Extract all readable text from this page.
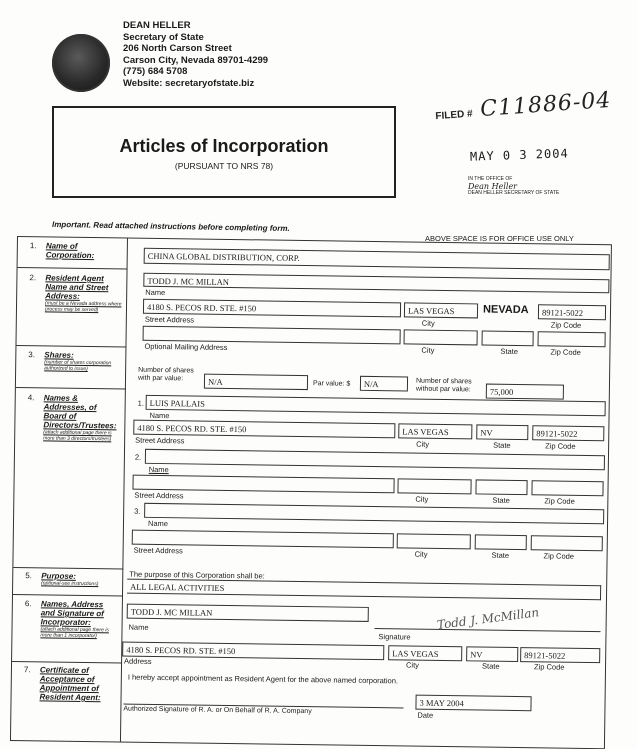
DEAN HELLER
Secretary of State
206 North Carson Street
Carson City, Nevada 89701-4299
(775) 684 5708
Website: secretaryofstate.biz
Articles of Incorporation
(PURSUANT TO NRS 78)
FILED # C11886-04
MAY 0 3 2004
IN THE OFFICE OF
Dean Heller
DEAN HELLER SECRETARY OF STATE
Important. Read attached instructions before completing form.
ABOVE SPACE IS FOR OFFICE USE ONLY
1. Name of Corporation:	CHINA GLOBAL DISTRIBUTION, CORP.
2. Resident Agent Name and Street Address:
(must be a Nevada address where process may be served)
TODD J. MC MILLAN
Name
4180 S. PECOS RD. STE. #150
Street Address
LAS VEGAS
City
NEVADA	89121-5022
Zip Code
Optional Mailing Address	City	State	Zip Code
3. Shares:
(number of shares corporation authorized to issue)	Number of shares with par value:	N/A	Par value: $	N/A	Number of shares without par value:	75,000
4. Names & Addresses, of Board of Directors/Trustees:
(attach additional page there is more than 3 directors/trustees)
1. LUIS PALLAIS
Name
4180 S. PECOS RD. STE. #150
Street Address
LAS VEGAS
City
NV
State
89121-5022
Zip Code
2.
Name
Street Address	City	State	Zip Code
3.
Name
Street Address	City	State	Zip Code
5. Purpose:
(optional-see instructions)
The purpose of this Corporation shall be:
ALL LEGAL ACTIVITIES
6. Names, Address and Signature of Incorporator:
(attach additional page there is more than 1 incorporator)
TODD J. MC MILLAN
Name	Todd J. McMillan
Signature
4180 S. PECOS RD. STE. #150
Address
LAS VEGAS
City
NV
State
89121-5022
Zip Code
7. Certificate of Acceptance of Appointment of Resident Agent:
I hereby accept appointment as Resident Agent for the above named corporation.
Authorized Signature of R. A. or On Behalf of R. A. Company
3 MAY 2004
Date
